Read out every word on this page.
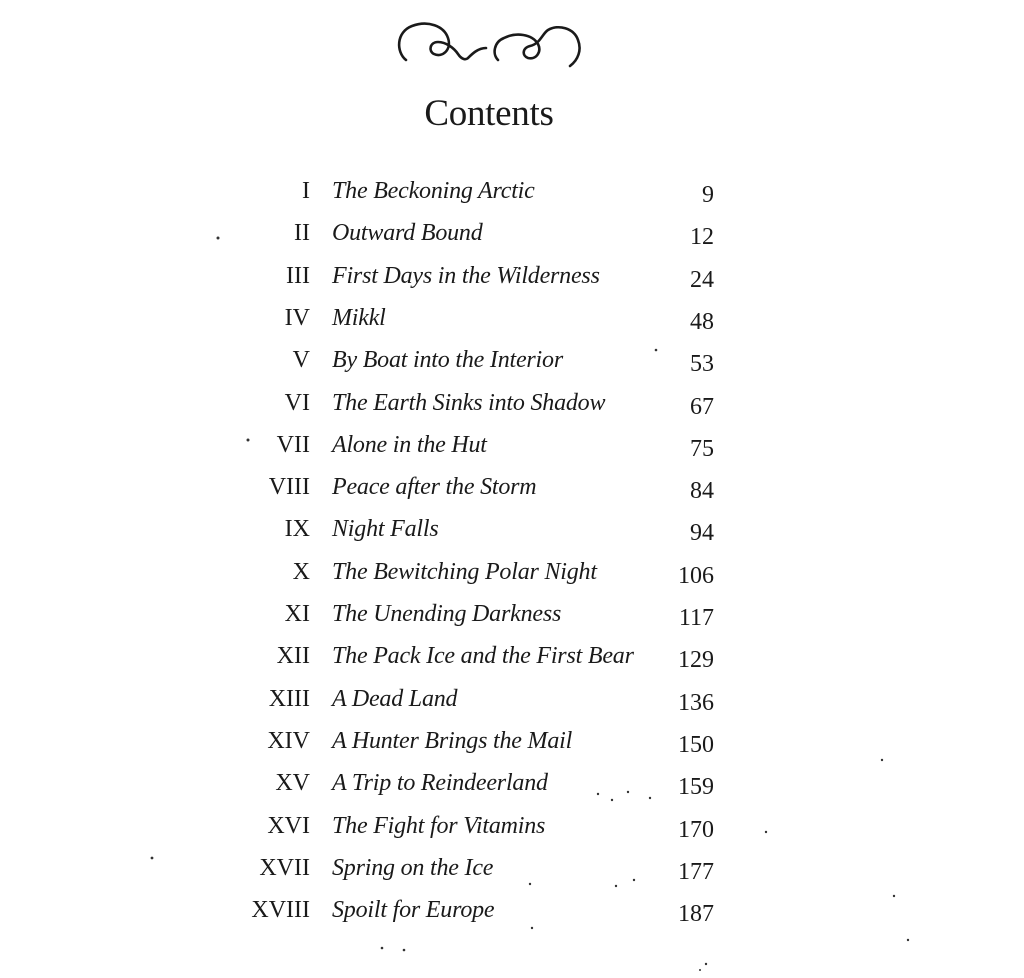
Contents
I The Beckoning Arctic	9
II Outward Bound	12
III First Days in the Wilderness	24
IV Mikkl	48
V By Boat into the Interior	53
VI The Earth Sinks into Shadow	67
VII Alone in the Hut	75
VIII Peace after the Storm	84
IX Night Falls	94
X The Bewitching Polar Night	106
XI The Unending Darkness	117
XII The Pack Ice and the First Bear	129
XIII A Dead Land	136
XIV A Hunter Brings the Mail	150
XV A Trip to Reindeerland	159
XVI The Fight for Vitamins	170
XVII Spring on the Ice	177
XVIII Spoilt for Europe	187
